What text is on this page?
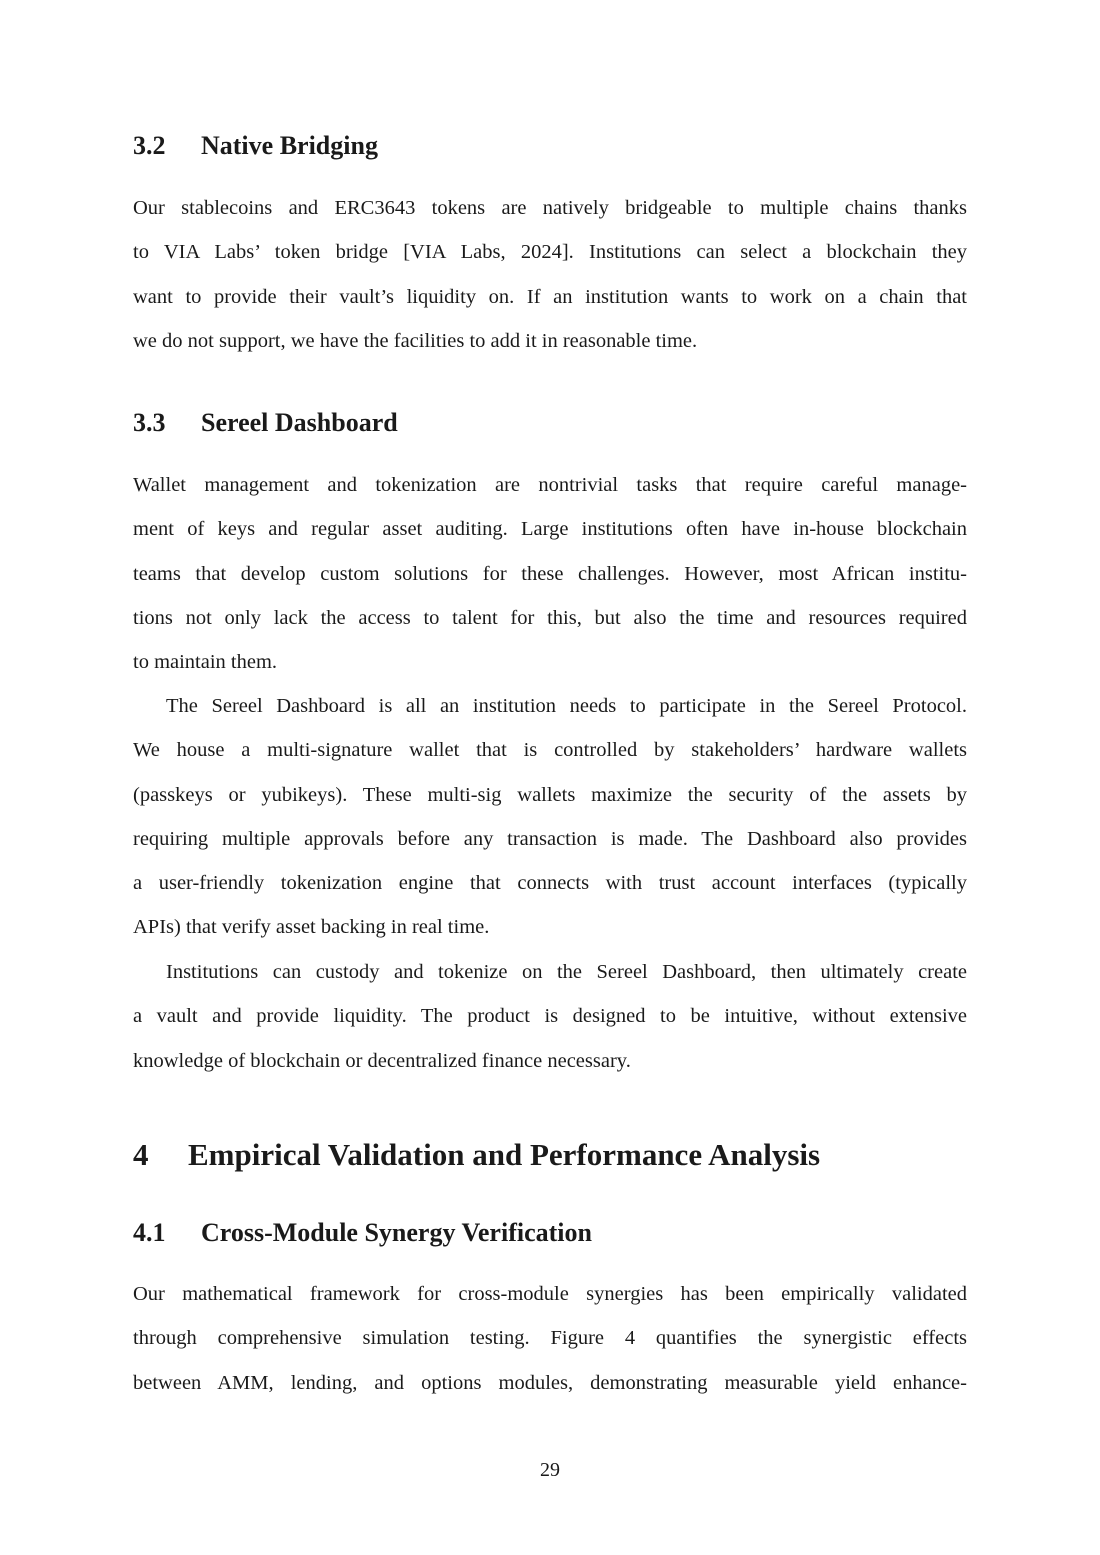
3.2 Native Bridging

Our stablecoins and ERC3643 tokens are natively bridgeable to multiple chains thanks
to VIA Labs’ token bridge [VIA Labs, 2024]. Institutions can select a blockchain they
want to provide their vault’s liquidity on. If an institution wants to work on a chain that
we do not support, we have the facilities to add it in reasonable time.

3.3 Sereel Dashboard

Wallet management and tokenization are nontrivial tasks that require careful manage-
ment of keys and regular asset auditing. Large institutions often have in-house blockchain
teams that develop custom solutions for these challenges. However, most African institu-
tions not only lack the access to talent for this, but also the time and resources required
to maintain them.

The Sereel Dashboard is all an institution needs to participate in the Sereel Protocol.
We house a multi-signature wallet that is controlled by stakeholders’ hardware wallets
(passkeys or yubikeys). These multi-sig wallets maximize the security of the assets by
requiring multiple approvals before any transaction is made. The Dashboard also provides
a user-friendly tokenization engine that connects with trust account interfaces (typically
APIs) that verify asset backing in real time.

Institutions can custody and tokenize on the Sereel Dashboard, then ultimately create
a vault and provide liquidity. The product is designed to be intuitive, without extensive
knowledge of blockchain or decentralized finance necessary.

4 Empirical Validation and Performance Analysis
4.1 Cross-Module Synergy Verification

Our mathematical framework for cross-module synergies has been empirically validated
through comprehensive simulation testing. Figure 4 quantifies the synergistic effects
between AMM, lending, and options modules, demonstrating measurable yield enhance-

29
